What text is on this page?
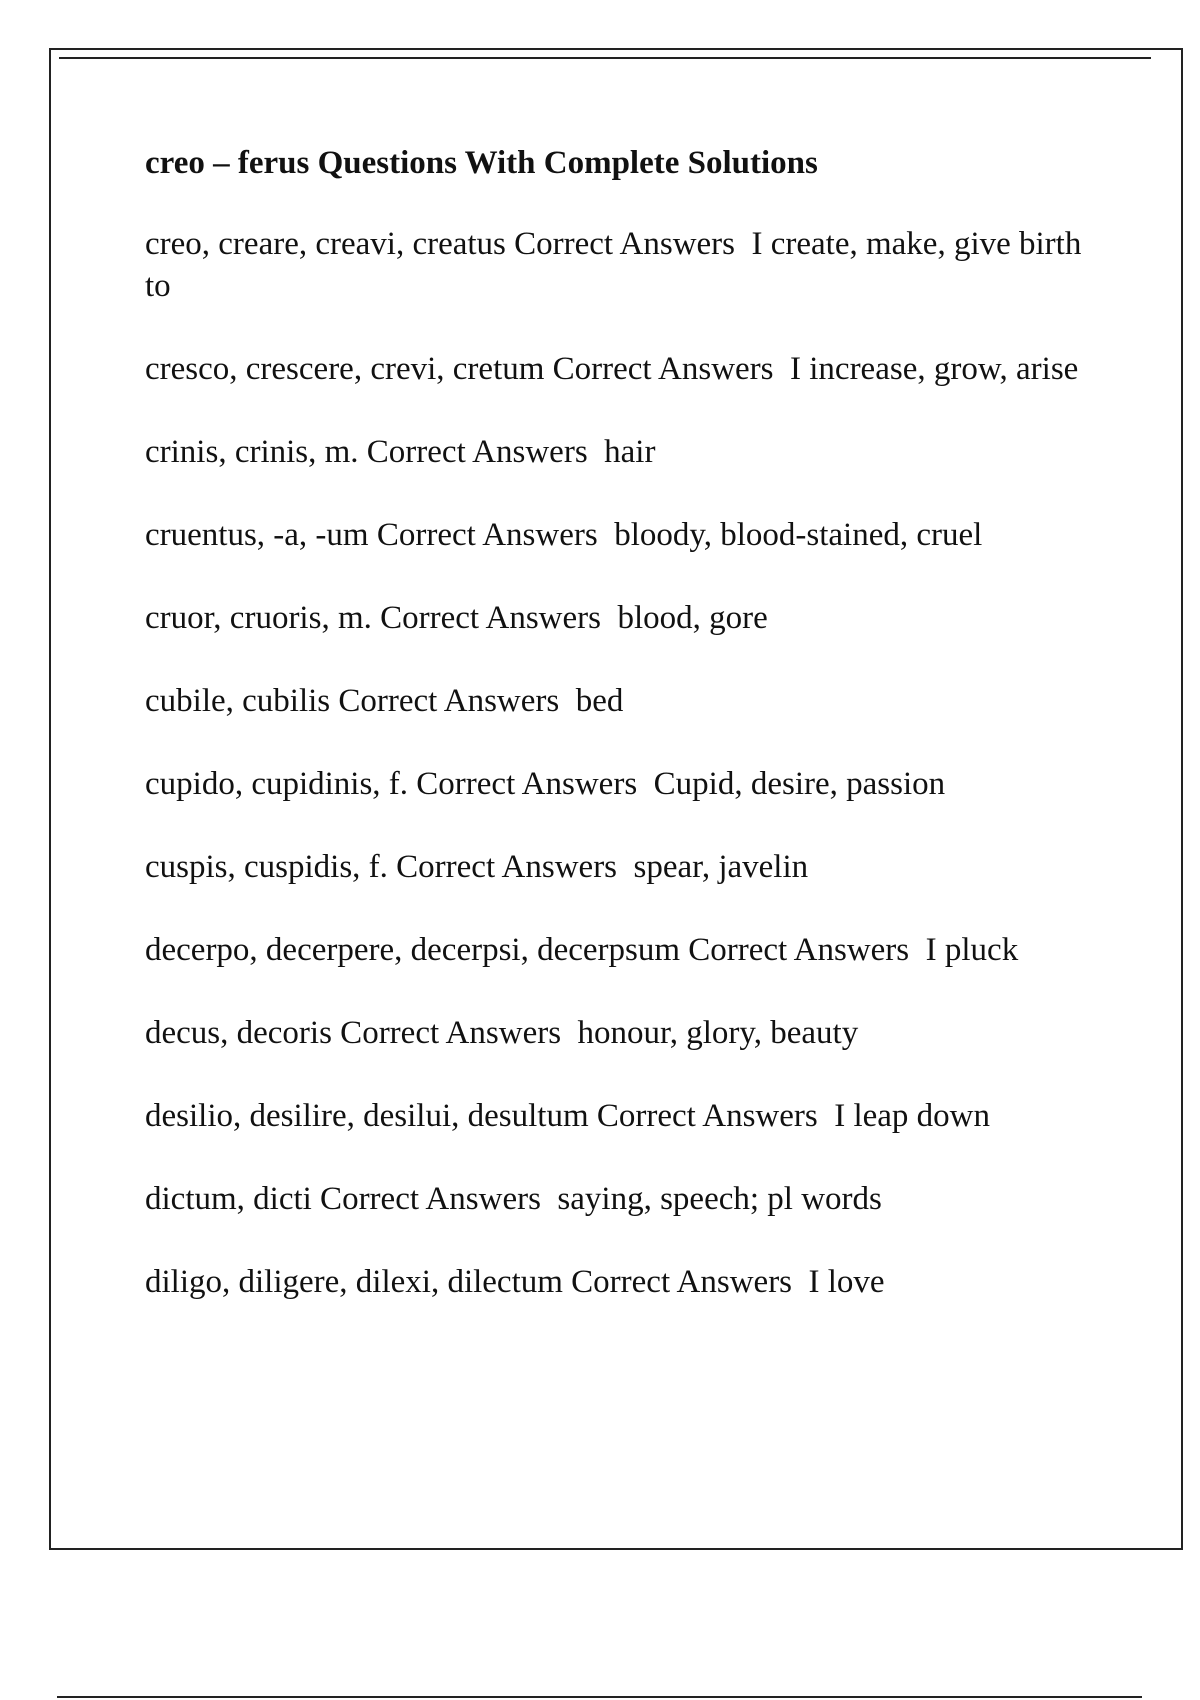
creo – ferus Questions With Complete Solutions
creo, creare, creavi, creatus Correct Answers  I create, make, give birth to
cresco, crescere, crevi, cretum Correct Answers  I increase, grow, arise
crinis, crinis, m. Correct Answers  hair
cruentus, -a, -um Correct Answers  bloody, blood-stained, cruel
cruor, cruoris, m. Correct Answers  blood, gore
cubile, cubilis Correct Answers  bed
cupido, cupidinis, f. Correct Answers  Cupid, desire, passion
cuspis, cuspidis, f. Correct Answers  spear, javelin
decerpo, decerpere, decerpsi, decerpsum Correct Answers  I pluck
decus, decoris Correct Answers  honour, glory, beauty
desilio, desilire, desilui, desultum Correct Answers  I leap down
dictum, dicti Correct Answers  saying, speech; pl words
diligo, diligere, dilexi, dilectum Correct Answers  I love
